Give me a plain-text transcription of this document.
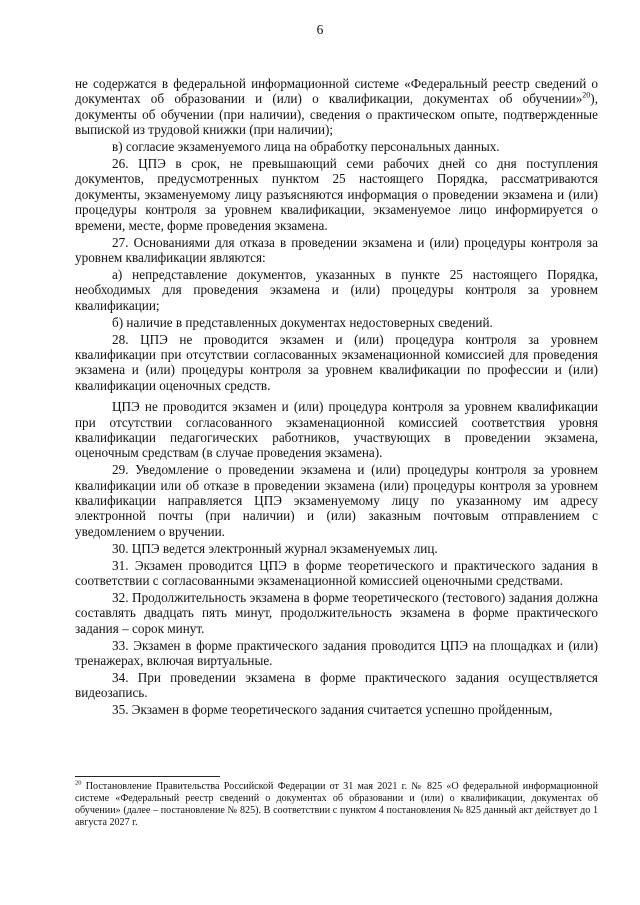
6

не содержатся в федеральной информационной системе «Федеральный реестр сведений о документах об образовании и (или) о квалификации, документах об обучении»$^{20}$), документы об обучении (при наличии), сведения о практическом опыте, подтвержденные выпиской из трудовой книжки (при наличии);

в) согласие экзаменуемого лица на обработку персональных данных.

26. ЦПЭ в срок, не превышающий семи рабочих дней со дня поступления документов, предусмотренных пунктом 25 настоящего Порядка, рассматриваются документы, экзаменуемому лицу разъясняются информация о проведении экзамена и (или) процедуры контроля за уровнем квалификации, экзаменуемое лицо информируется о времени, месте, форме проведения экзамена.

27. Основаниями для отказа в проведении экзамена и (или) процедуры контроля за уровнем квалификации являются:

а) непредставление документов, указанных в пункте 25 настоящего Порядка, необходимых для проведения экзамена и (или) процедуры контроля за уровнем квалификации;

б) наличие в представленных документах недостоверных сведений.

28. ЦПЭ не проводится экзамен и (или) процедура контроля за уровнем квалификации при отсутствии согласованных экзаменационной комиссией для проведения экзамена и (или) процедуры контроля за уровнем квалификации по профессии и (или) квалификации оценочных средств.

ЦПЭ не проводится экзамен и (или) процедура контроля за уровнем квалификации при отсутствии согласованного экзаменационной комиссией соответствия уровня квалификации педагогических работников, участвующих в проведении экзамена, оценочным средствам (в случае проведения экзамена).

29. Уведомление о проведении экзамена и (или) процедуры контроля за уровнем квалификации или об отказе в проведении экзамена (или) процедуры контроля за уровнем квалификации направляется ЦПЭ экзаменуемому лицу по указанному им адресу электронной почты (при наличии) и (или) заказным почтовым отправлением с уведомлением о вручении.

30. ЦПЭ ведется электронный журнал экзаменуемых лиц.

31. Экзамен проводится ЦПЭ в форме теоретического и практического задания в соответствии с согласованными экзаменационной комиссией оценочными средствами.

32. Продолжительность экзамена в форме теоретического (тестового) задания должна составлять двадцать пять минут, продолжительность экзамена в форме практического задания – сорок минут.

33. Экзамен в форме практического задания проводится ЦПЭ на площадках и (или) тренажерах, включая виртуальные.

34. При проведении экзамена в форме практического задания осуществляется видеозапись.

35. Экзамен в форме теоретического задания считается успешно пройденным,

$^{20}$ Постановление Правительства Российской Федерации от 31 мая 2021 г. № 825 «О федеральной информационной системе «Федеральный реестр сведений о документах об образовании и (или) о квалификации, документах об обучении» (далее – постановление № 825). В соответствии с пунктом 4 постановления № 825 данный акт действует до 1 августа 2027 г.
